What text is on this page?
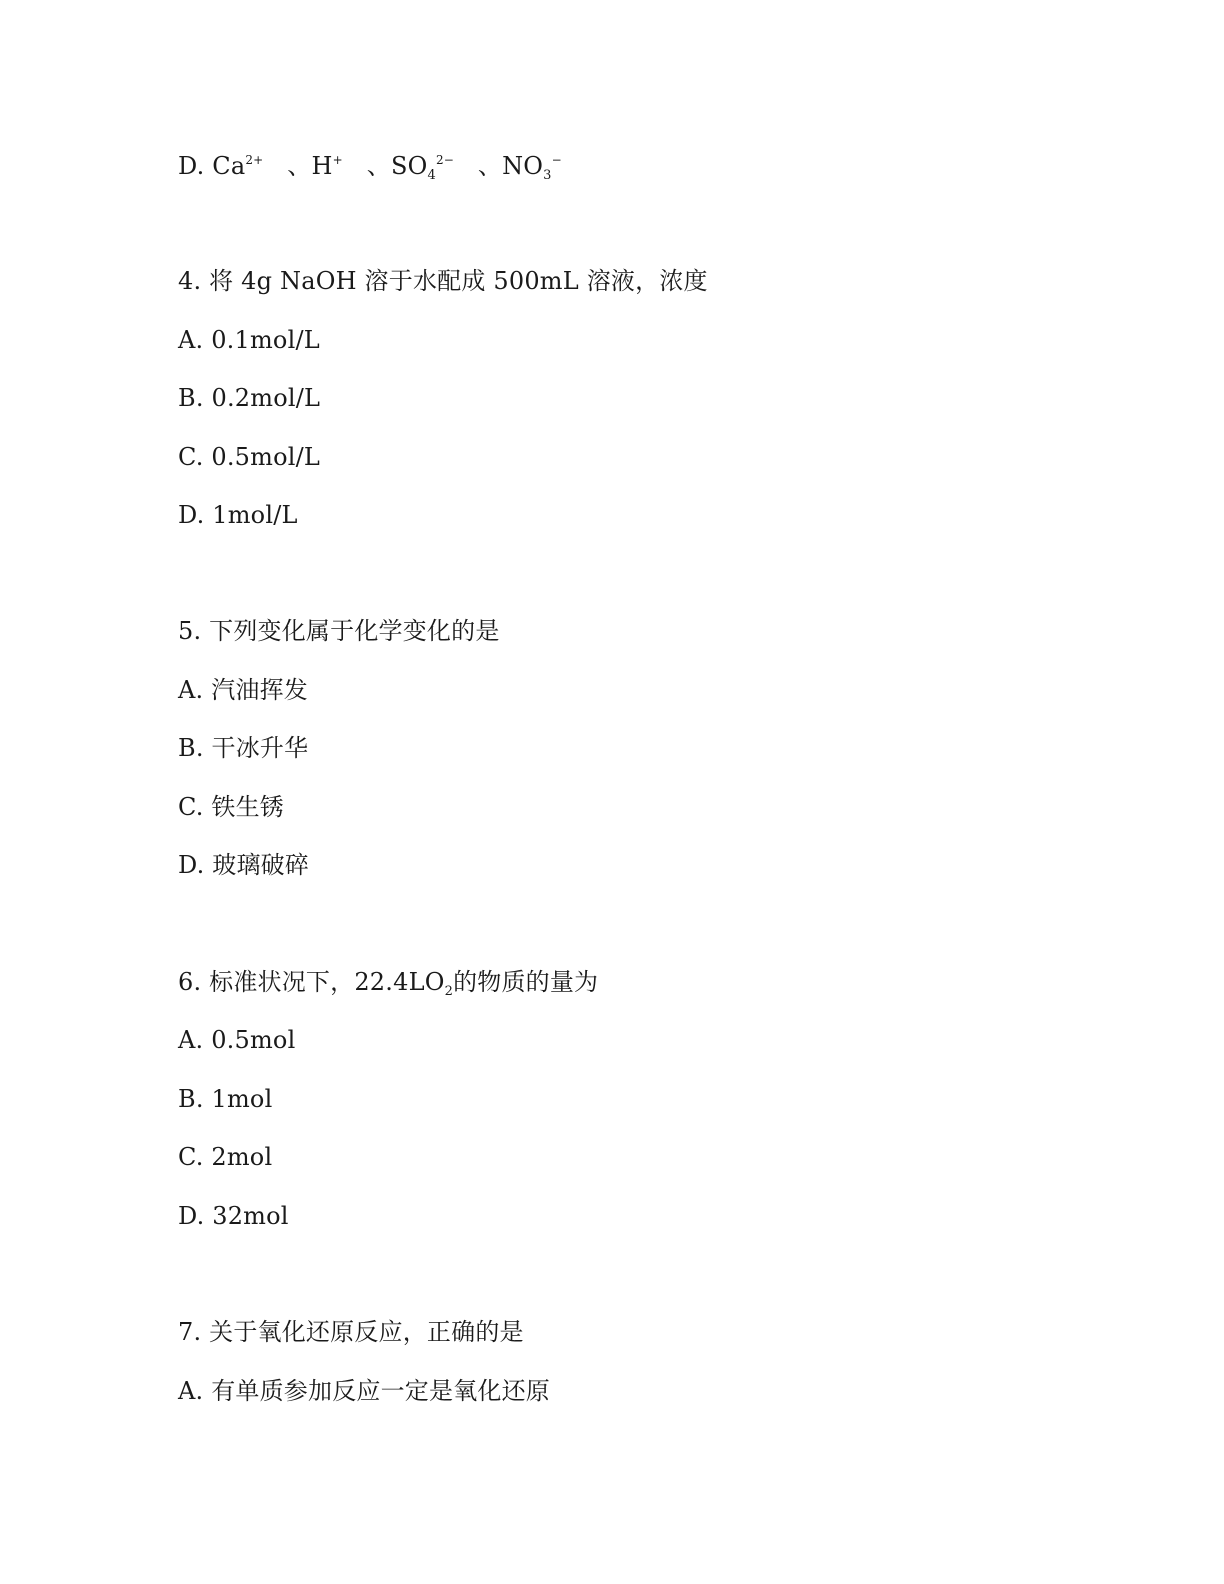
D. $Ca^{2+}$ 、H+ 、$SO_4^{2-}$ 、$NO_3^-$
4. 将 4g NaOH 溶于水配成 500mL 溶液，浓度
A. 0.1mol/L
B. 0.2mol/L
C. 0.5mol/L
D. 1mol/L
5. 下列变化属于化学变化的是
A. 汽油挥发
B. 干冰升华
C. 铁生锈
D. 玻璃破碎
6. 标准状况下，$22.4LO_2$的物质的量为
A. 0.5mol
B. 1mol
C. 2mol
D. 32mol
7. 关于氧化还原反应，正确的是
A. 有单质参加反应一定是氧化还原
